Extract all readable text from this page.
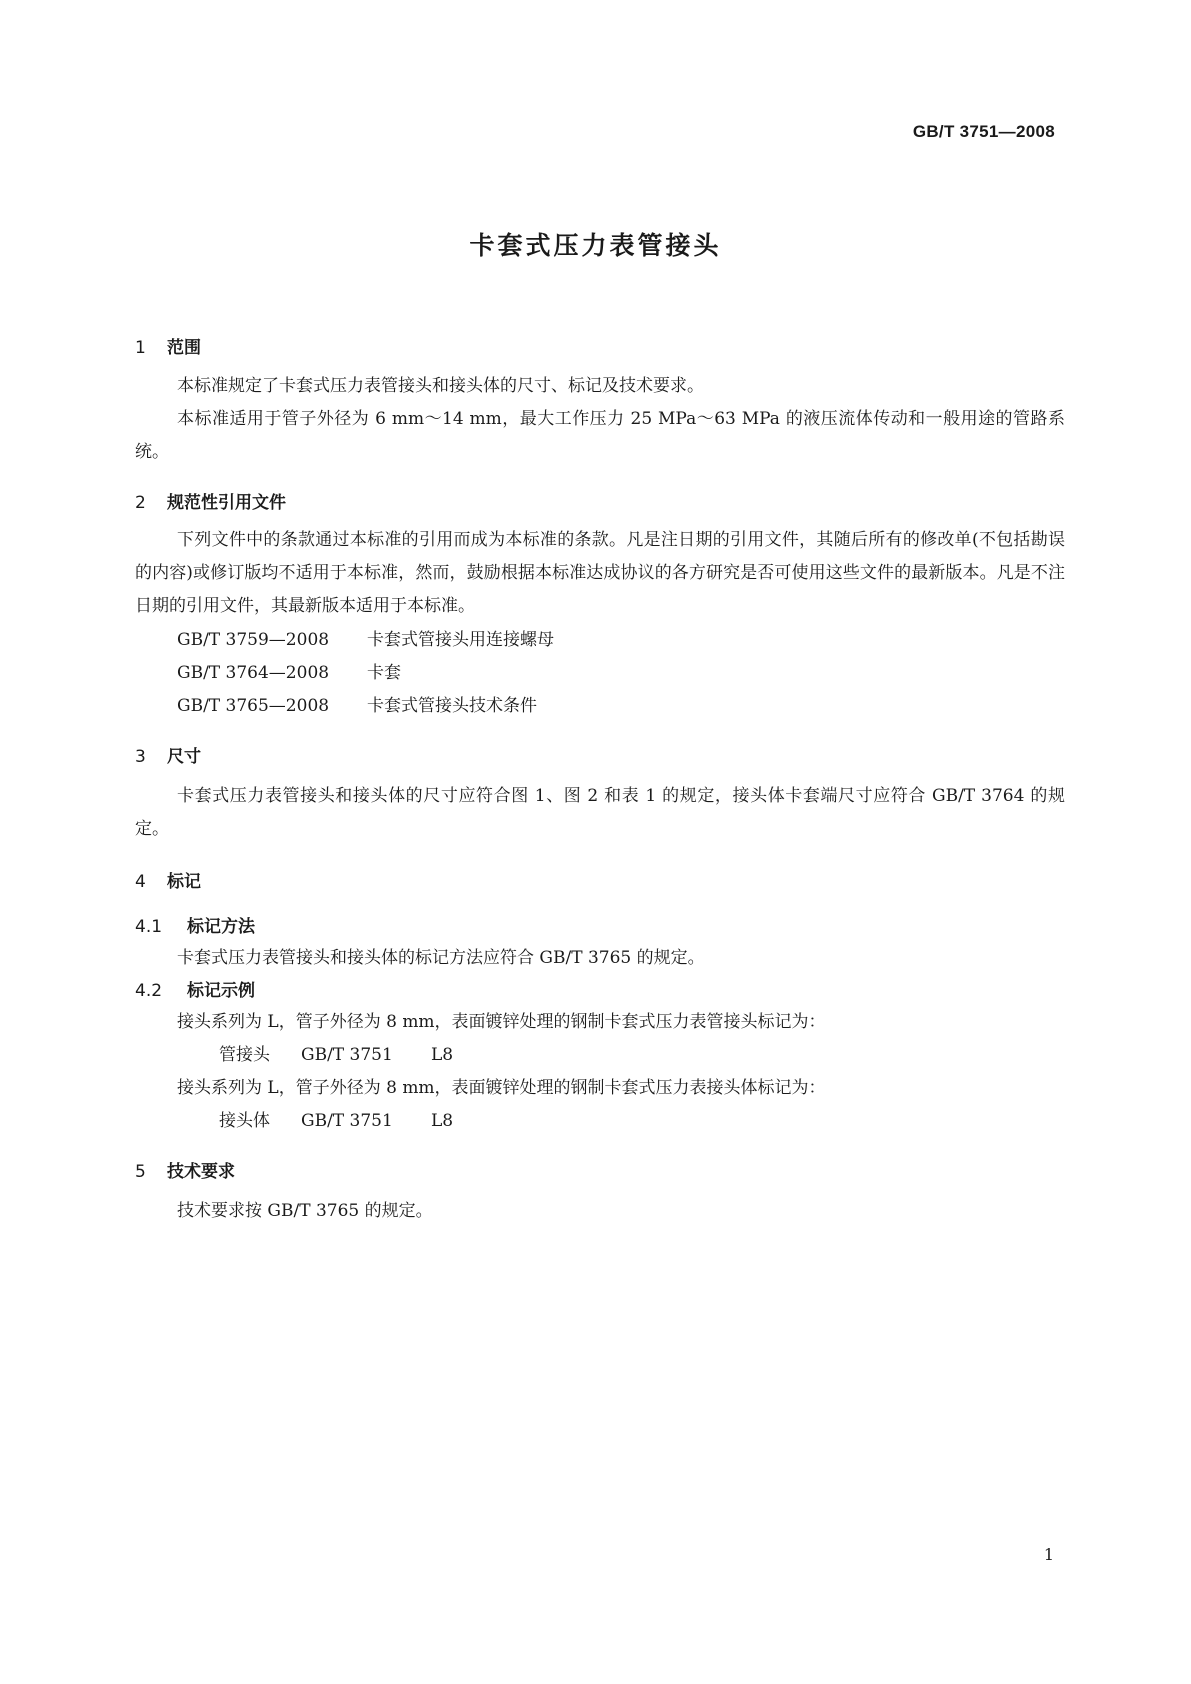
GB/T 3751—2008
卡套式压力表管接头
1 范围

本标准规定了卡套式压力表管接头和接头体的尺寸、标记及技术要求。

本标准适用于管子外径为 6 mm～14 mm，最大工作压力 25 MPa～63 MPa 的液压流体传动和一般用途的管路系统。

2 规范性引用文件

下列文件中的条款通过本标准的引用而成为本标准的条款。凡是注日期的引用文件，其随后所有的修改单(不包括勘误的内容)或修订版均不适用于本标准，然而，鼓励根据本标准达成协议的各方研究是否可使用这些文件的最新版本。凡是不注日期的引用文件，其最新版本适用于本标准。

GB/T 3759—2008 卡套式管接头用连接螺母
GB/T 3764—2008 卡套
GB/T 3765—2008 卡套式管接头技术条件
3 尺寸

卡套式压力表管接头和接头体的尺寸应符合图 1、图 2 和表 1 的规定，接头体卡套端尺寸应符合 GB/T 3764 的规定。

4 标记
4.1 标记方法
卡套式压力表管接头和接头体的标记方法应符合 GB/T 3765 的规定。
4.2 标记示例
接头系列为 L，管子外径为 8 mm，表面镀锌处理的钢制卡套式压力表管接头标记为：
管接头 GB/T 3751 L8
接头系列为 L，管子外径为 8 mm，表面镀锌处理的钢制卡套式压力表接头体标记为：
接头体 GB/T 3751 L8
5 技术要求
技术要求按 GB/T 3765 的规定。
1
